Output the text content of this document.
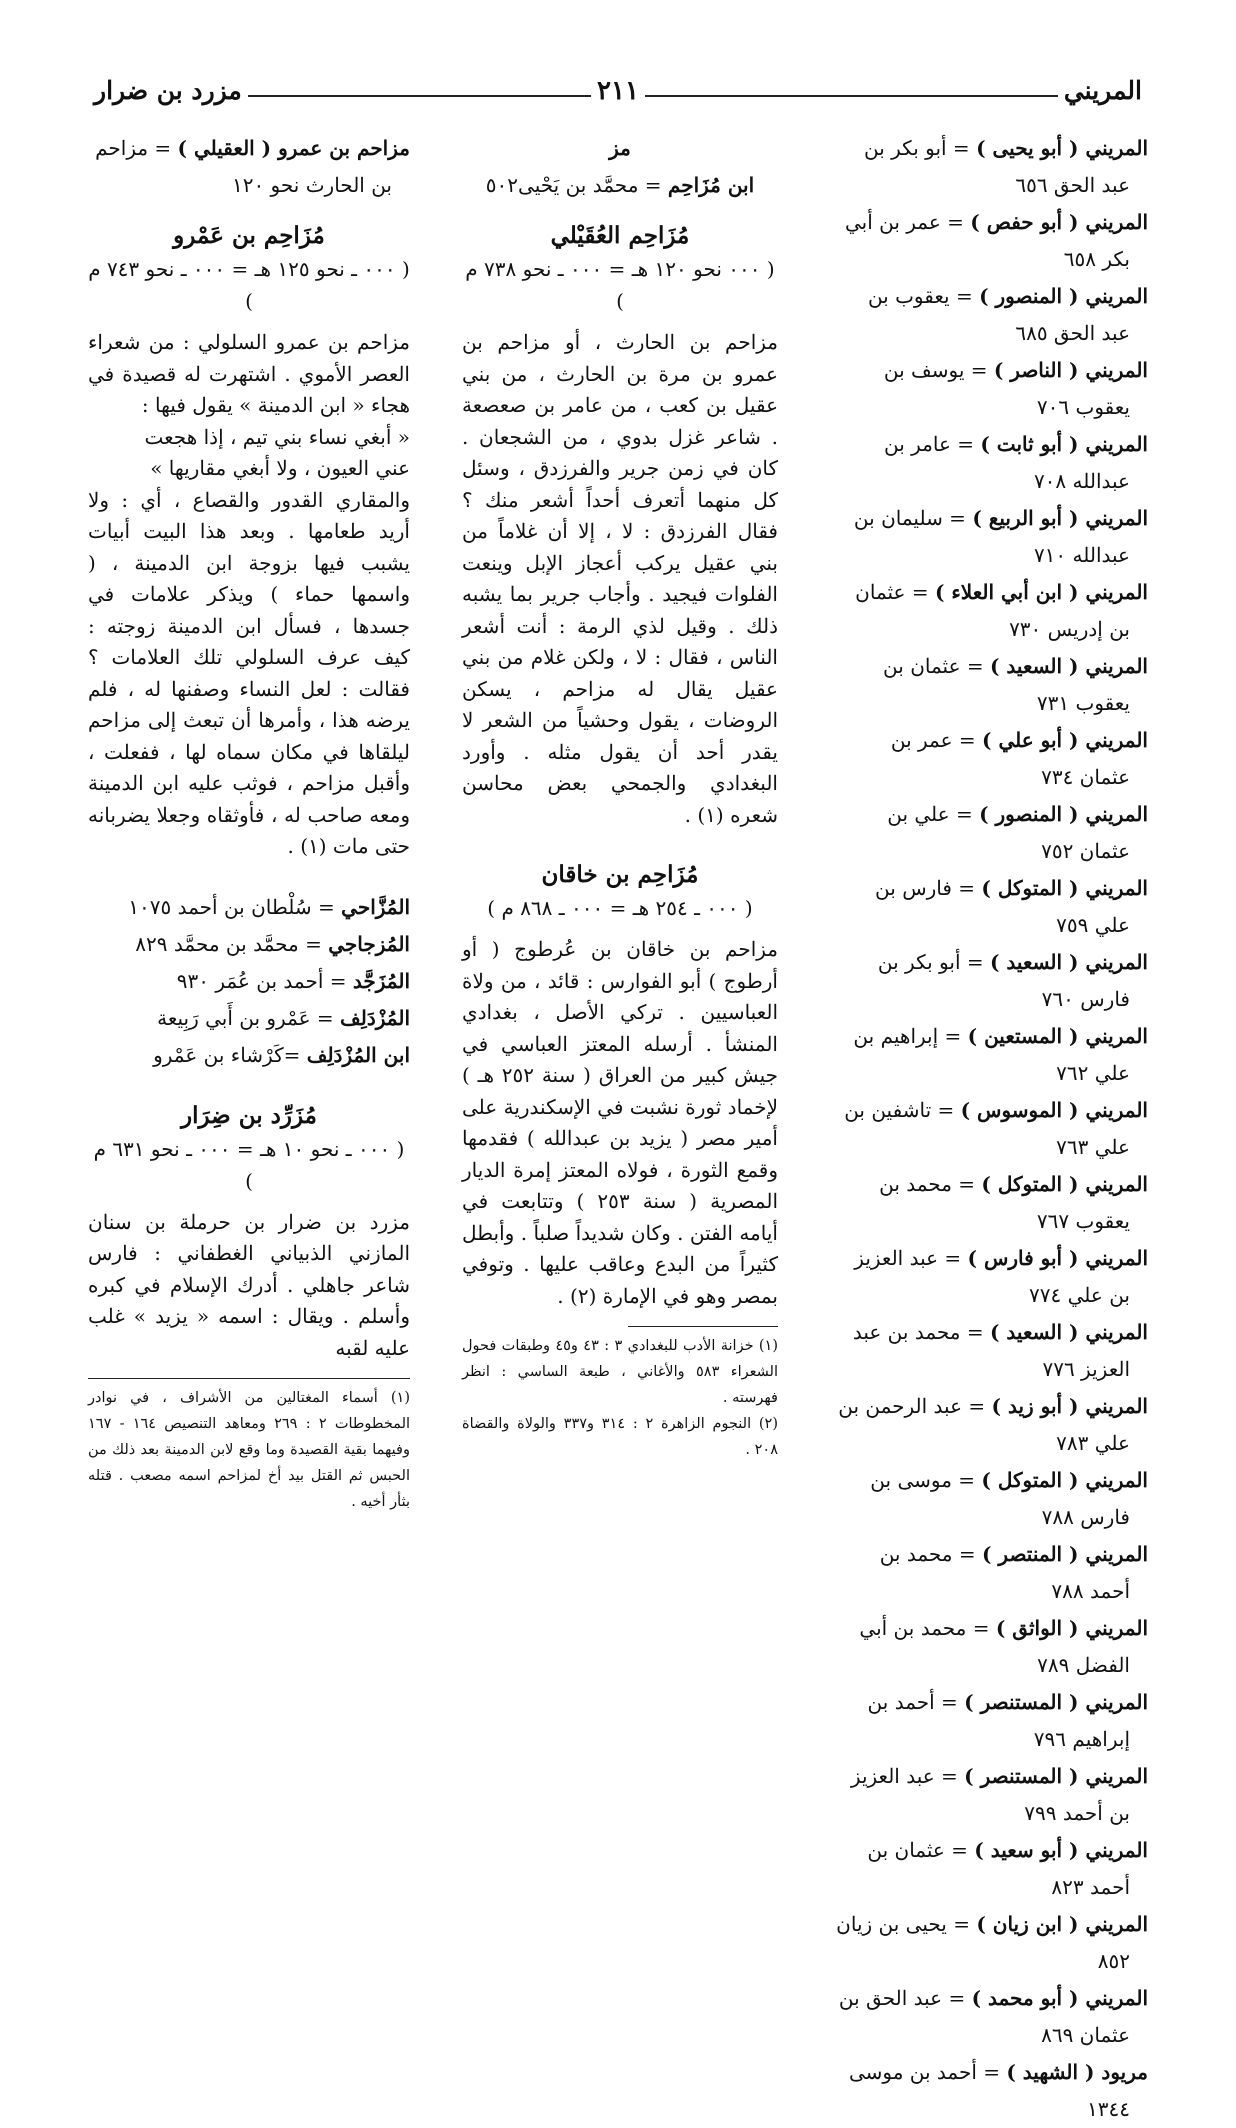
المريني
٢١١
مزرد بن ضرار

المريني ( أبو يحيى ) = أبو بكر بن عبد الحق ٦٥٦

المريني ( أبو حفص ) = عمر بن أبي بكر ٦٥٨

المريني ( المنصور ) = يعقوب بن عبد الحق ٦٨٥

المريني ( الناصر ) = يوسف بن يعقوب ٧٠٦

المريني ( أبو ثابت ) = عامر بن عبدالله ٧٠٨

المريني ( أبو الربيع ) = سليمان بن عبدالله ٧١٠

المريني ( ابن أبي العلاء ) = عثمان بن إدريس ٧٣٠

المريني ( السعيد ) = عثمان بن يعقوب ٧٣١

المريني ( أبو علي ) = عمر بن عثمان ٧٣٤

المريني ( المنصور ) = علي بن عثمان ٧٥٢

المريني ( المتوكل ) = فارس بن علي ٧٥٩

المريني ( السعيد ) = أبو بكر بن فارس ٧٦٠

المريني ( المستعين ) = إبراهيم بن علي ٧٦٢

المريني ( الموسوس ) = تاشفين بن علي ٧٦٣

المريني ( المتوكل ) = محمد بن يعقوب ٧٦٧

المريني ( أبو فارس ) = عبد العزيز بن علي ٧٧٤

المريني ( السعيد ) = محمد بن عبد العزيز ٧٧٦

المريني ( أبو زيد ) = عبد الرحمن بن علي ٧٨٣

المريني ( المتوكل ) = موسى بن فارس ٧٨٨

المريني ( المنتصر ) = محمد بن أحمد ٧٨٨

المريني ( الواثق ) = محمد بن أبي الفضل ٧٨٩

المريني ( المستنصر ) = أحمد بن إبراهيم ٧٩٦

المريني ( المستنصر ) = عبد العزيز بن أحمد ٧٩٩

المريني ( أبو سعيد ) = عثمان بن أحمد ٨٢٣

المريني ( ابن زيان ) = يحيى بن زيان ٨٥٢

المريني ( أبو محمد ) = عبد الحق بن عثمان ٨٦٩

مريود ( الشهيد ) = أحمد بن موسى ١٣٤٤

مز

ابن مُزَاحِم = محمَّد بن يَحْيى٥٠٢

مُزَاحِم العُقَيْلي

( ٠٠٠ نحو ١٢٠ هـ = ٠٠٠ ـ نحو ٧٣٨ م )

مزاحم بن الحارث ، أو مزاحم بن عمرو بن مرة بن الحارث ، من بني عقيل بن كعب ، من عامر بن صعصعة . شاعر غزل بدوي ، من الشجعان . كان في زمن جرير والفرزدق ، وسئل كل منهما أتعرف أحداً أشعر منك ؟ فقال الفرزدق : لا ، إلا أن غلاماً من بني عقيل يركب أعجاز الإبل وينعت الفلوات فيجيد . وأجاب جرير بما يشبه ذلك . وقيل لذي الرمة : أنت أشعر الناس ، فقال : لا ، ولكن غلام من بني عقيل يقال له مزاحم ، يسكن الروضات ، يقول وحشياً من الشعر لا يقدر أحد أن يقول مثله . وأورد البغدادي والجمحي بعض محاسن شعره (١) .

مُزَاحِم بن خاقان

( ٠٠٠ ـ ٢٥٤ هـ = ٠٠٠ ـ ٨٦٨ م )

مزاحم بن خاقان بن عُرطوج ( أو أرطوج ) أبو الفوارس : قائد ، من ولاة العباسيين . تركي الأصل ، بغدادي المنشأ . أرسله المعتز العباسي في جيش كبير من العراق ( سنة ٢٥٢ هـ ) لإخماد ثورة نشبت في الإسكندرية على أمير مصر ( يزيد بن عبدالله ) فقدمها وقمع الثورة ، فولاه المعتز إمرة الديار المصرية ( سنة ٢٥٣ ) وتتابعت في أيامه الفتن . وكان شديداً صلباً . وأبطل كثيراً من البدع وعاقب عليها . وتوفي بمصر وهو في الإمارة (٢) .

(١) خزانة الأدب للبغدادي ٣ : ٤٣ و٤٥ وطبقات فحول الشعراء ٥٨٣ والأغاني ، طبعة الساسي : انظر فهرسته .

(٢) النجوم الزاهرة ٢ : ٣١٤ و٣٣٧ والولاة والقضاة ٢٠٨ .

مزاحم بن عمرو ( العقيلي ) = مزاحم بن الحارث نحو ١٢٠

مُزَاحِم بن عَمْرو

( ٠٠٠ ـ نحو ١٢٥ هـ = ٠٠٠ ـ نحو ٧٤٣ م )

مزاحم بن عمرو السلولي : من شعراء العصر الأموي . اشتهرت له قصيدة في هجاء « ابن الدمينة » يقول فيها :

« أبغي نساء بني تيم ، إذا هجعت

عني العيون ، ولا أبغي مقاريها »

والمقاري القدور والقصاع ، أي : ولا أريد طعامها . وبعد هذا البيت أبيات يشبب فيها بزوجة ابن الدمينة ، ( واسمها حماء ) ويذكر علامات في جسدها ، فسأل ابن الدمينة زوجته : كيف عرف السلولي تلك العلامات ؟ فقالت : لعل النساء وصفنها له ، فلم يرضه هذا ، وأمرها أن تبعث إلى مزاحم ليلقاها في مكان سماه لها ، ففعلت ، وأقبل مزاحم ، فوثب عليه ابن الدمينة ومعه صاحب له ، فأوثقاه وجعلا يضربانه حتى مات (١) .

المُزَّاحي = سُلْطان بن أحمد ١٠٧٥

المُزجاجي = محمَّد بن محمَّد ٨٢٩

المُزَجَّد = أحمد بن عُمَر ٩٣٠

المُزْدَلِف = عَمْرو بن أَبي رَبِيعة

ابن المُزْدَلِف =كَرْشاء بن عَمْرو

مُزَرِّد بن ضِرَار

( ٠٠٠ ـ نحو ١٠ هـ = ٠٠٠ ـ نحو ٦٣١ م )

مزرد بن ضرار بن حرملة بن سنان المازني الذبياني الغطفاني : فارس شاعر جاهلي . أدرك الإسلام في كبره وأسلم . ويقال : اسمه « يزيد » غلب عليه لقبه

(١) أسماء المغتالين من الأشراف ، في نوادر المخطوطات ٢ : ٢٦٩ ومعاهد التنصيص ١٦٤ - ١٦٧ وفيهما بقية القصيدة وما وقع لابن الدمينة بعد ذلك من الحبس ثم القتل بيد أخ لمزاحم اسمه مصعب . قتله بثأر أخيه .
